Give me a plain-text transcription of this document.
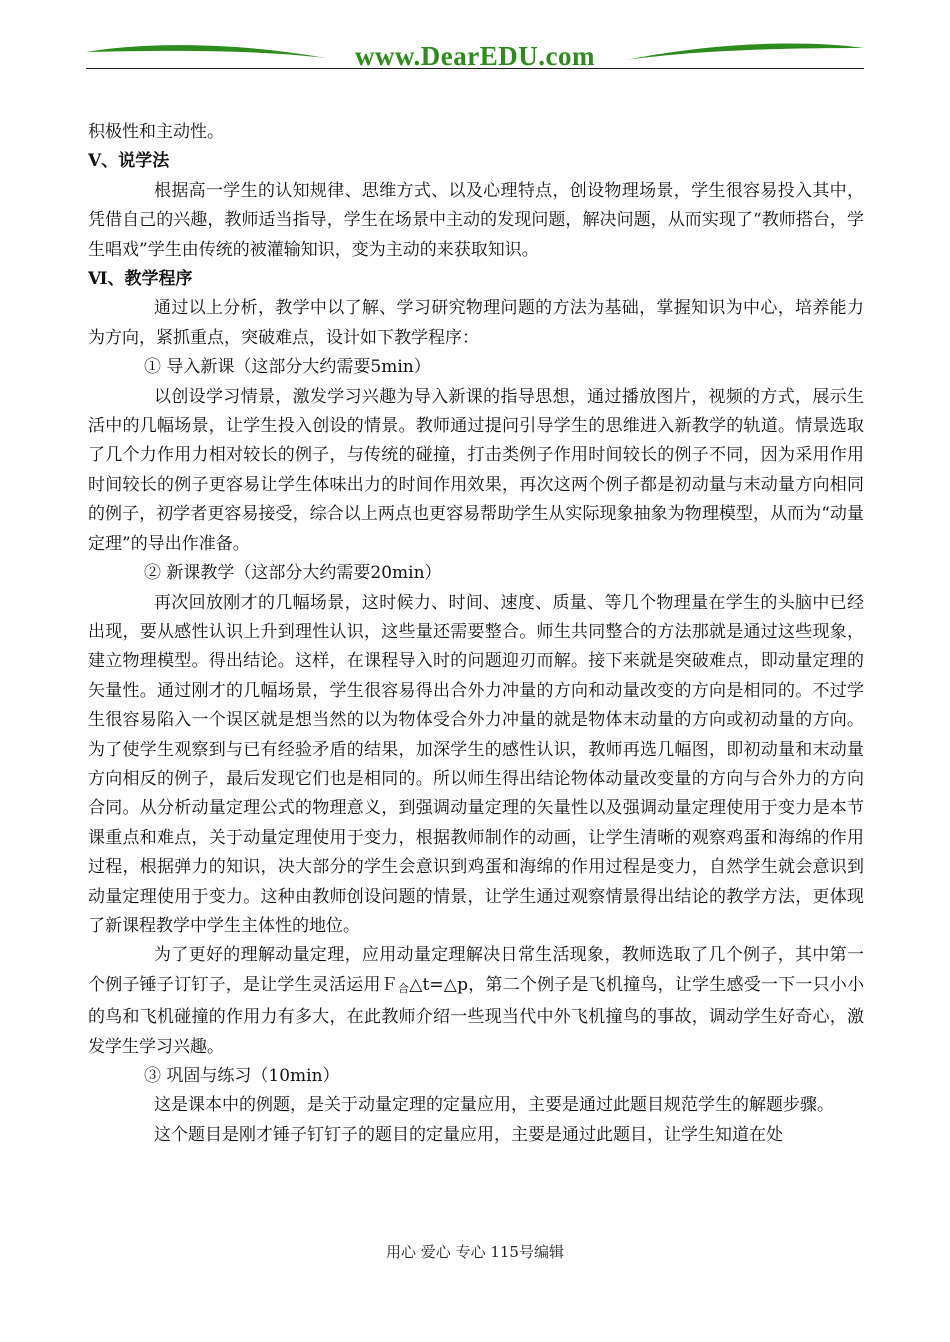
www.DearEDU.com

积极性和主动性。

Ⅴ、说学法

根据高一学生的认知规律、思维方式、以及心理特点，创设物理场景，学生很容易投入其中，凭借自己的兴趣，教师适当指导，学生在场景中主动的发现问题，解决问题，从而实现了“教师搭台，学生唱戏”学生由传统的被灌输知识，变为主动的来获取知识。

Ⅵ、教学程序

通过以上分析，教学中以了解、学习研究物理问题的方法为基础，掌握知识为中心，培养能力为方向，紧抓重点，突破难点，设计如下教学程序：

① 导入新课（这部分大约需要5min）

以创设学习情景，激发学习兴趣为导入新课的指导思想，通过播放图片，视频的方式，展示生活中的几幅场景，让学生投入创设的情景。教师通过提问引导学生的思维进入新教学的轨道。情景选取了几个力作用力相对较长的例子，与传统的碰撞，打击类例子作用时间较长的例子不同，因为采用作用时间较长的例子更容易让学生体味出力的时间作用效果，再次这两个例子都是初动量与末动量方向相同的例子，初学者更容易接受，综合以上两点也更容易帮助学生从实际现象抽象为物理模型，从而为“动量定理”的导出作准备。

② 新课教学（这部分大约需要20min）

再次回放刚才的几幅场景，这时候力、时间、速度、质量、等几个物理量在学生的头脑中已经出现，要从感性认识上升到理性认识，这些量还需要整合。师生共同整合的方法那就是通过这些现象，建立物理模型。得出结论。这样，在课程导入时的问题迎刃而解。接下来就是突破难点，即动量定理的矢量性。通过刚才的几幅场景，学生很容易得出合外力冲量的方向和动量改变的方向是相同的。不过学生很容易陷入一个误区就是想当然的以为物体受合外力冲量的就是物体末动量的方向或初动量的方向。为了使学生观察到与已有经验矛盾的结果，加深学生的感性认识，教师再选几幅图，即初动量和末动量方向相反的例子，最后发现它们也是相同的。所以师生得出结论物体动量改变量的方向与合外力的方向合同。从分析动量定理公式的物理意义，到强调动量定理的矢量性以及强调动量定理使用于变力是本节课重点和难点，关于动量定理使用于变力，根据教师制作的动画，让学生清晰的观察鸡蛋和海绵的作用过程，根据弹力的知识，决大部分的学生会意识到鸡蛋和海绵的作用过程是变力，自然学生就会意识到动量定理使用于变力。这种由教师创设问题的情景，让学生通过观察情景得出结论的教学方法，更体现了新课程教学中学生主体性的地位。

为了更好的理解动量定理，应用动量定理解决日常生活现象，教师选取了几个例子，其中第一个例子锤子订钉子，是让学生灵活运用Ｆ合△t=△p，第二个例子是飞机撞鸟，让学生感受一下一只小小的鸟和飞机碰撞的作用力有多大，在此教师介绍一些现当代中外飞机撞鸟的事故，调动学生好奇心，激发学生学习兴趣。

③ 巩固与练习（10min）

这是课本中的例题，是关于动量定理的定量应用，主要是通过此题目规范学生的解题步骤。

这个题目是刚才锤子钉钉子的题目的定量应用，主要是通过此题目，让学生知道在处

用心 爱心 专心 115号编辑
